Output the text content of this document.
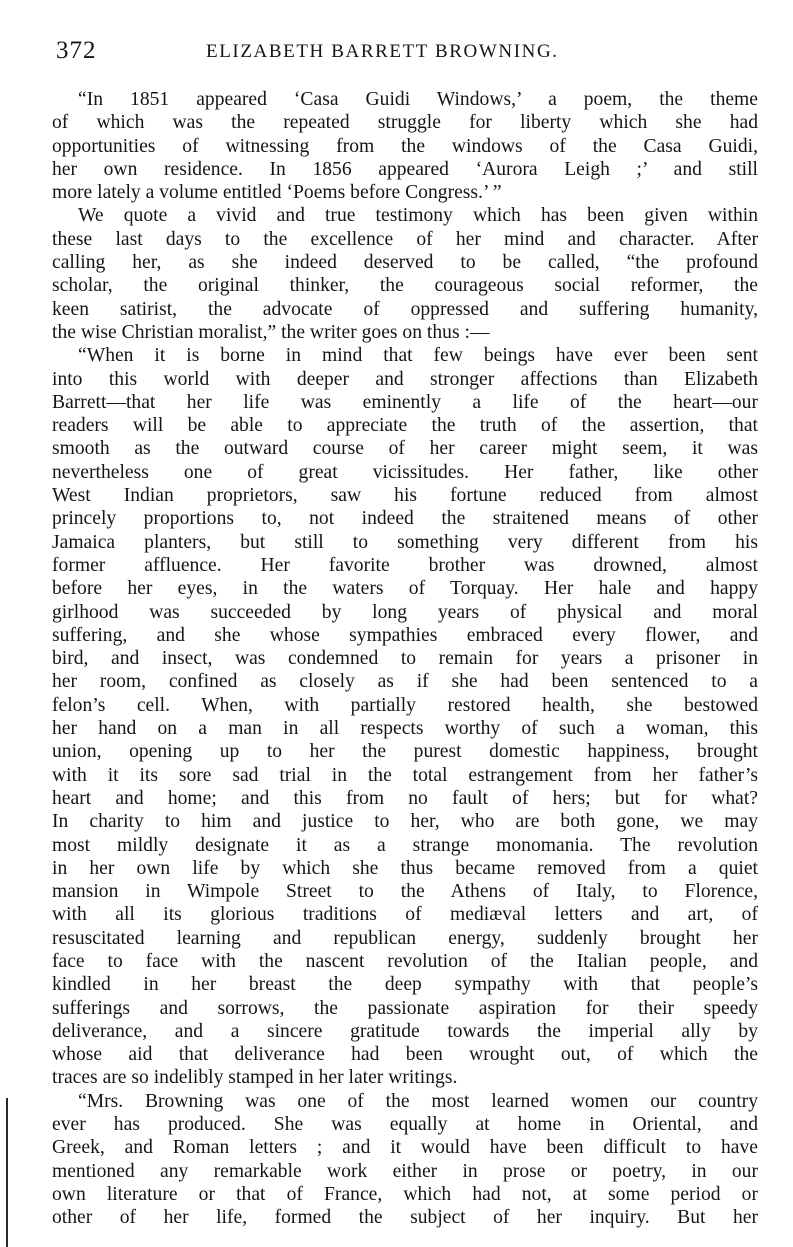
372	ELIZABETH BARRETT BROWNING.
“In 1851 appeared ‘Casa Guidi Windows,’ a poem, the theme
of which was the repeated struggle for liberty which she had
opportunities of witnessing from the windows of the Casa Guidi,
her own residence. In 1856 appeared ‘Aurora Leigh ;’ and still
more lately a volume entitled ‘Poems before Congress.’ ”
We quote a vivid and true testimony which has been given within
these last days to the excellence of her mind and character. After
calling her, as she indeed deserved to be called, “the profound
scholar, the original thinker, the courageous social reformer, the
keen satirist, the advocate of oppressed and suffering humanity,
the wise Christian moralist,” the writer goes on thus :—
“When it is borne in mind that few beings have ever been sent
into this world with deeper and stronger affections than Elizabeth
Barrett—that her life was eminently a life of the heart—our
readers will be able to appreciate the truth of the assertion, that
smooth as the outward course of her career might seem, it was
nevertheless one of great vicissitudes. Her father, like other
West Indian proprietors, saw his fortune reduced from almost
princely proportions to, not indeed the straitened means of other
Jamaica planters, but still to something very different from his
former affluence. Her favorite brother was drowned, almost
before her eyes, in the waters of Torquay. Her hale and happy
girlhood was succeeded by long years of physical and moral
suffering, and she whose sympathies embraced every flower, and
bird, and insect, was condemned to remain for years a prisoner in
her room, confined as closely as if she had been sentenced to a
felon’s cell. When, with partially restored health, she bestowed
her hand on a man in all respects worthy of such a woman, this
union, opening up to her the purest domestic happiness, brought
with it its sore sad trial in the total estrangement from her father’s
heart and home; and this from no fault of hers; but for what?
In charity to him and justice to her, who are both gone, we may
most mildly designate it as a strange monomania. The revolution
in her own life by which she thus became removed from a quiet
mansion in Wimpole Street to the Athens of Italy, to Florence,
with all its glorious traditions of mediæval letters and art, of
resuscitated learning and republican energy, suddenly brought her
face to face with the nascent revolution of the Italian people, and
kindled in her breast the deep sympathy with that people’s
sufferings and sorrows, the passionate aspiration for their speedy
deliverance, and a sincere gratitude towards the imperial ally by
whose aid that deliverance had been wrought out, of which the
traces are so indelibly stamped in her later writings.
“Mrs. Browning was one of the most learned women our country
ever has produced. She was equally at home in Oriental, and
Greek, and Roman letters ; and it would have been difficult to have
mentioned any remarkable work either in prose or poetry, in our
own literature or that of France, which had not, at some period or
other of her life, formed the subject of her inquiry. But her
